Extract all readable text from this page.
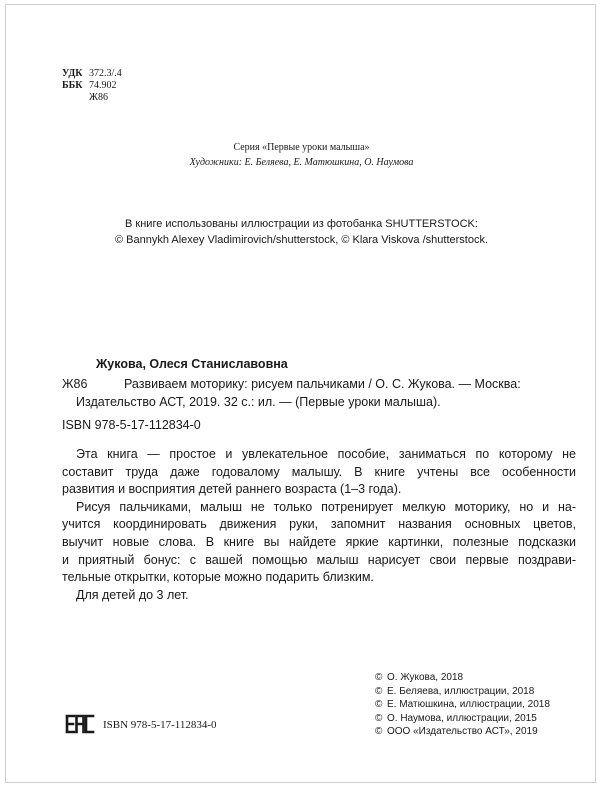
УДК 372.3/.4
ББК 74.902
Ж86
Серия «Первые уроки малыша»
Художники: Е. Беляева, Е. Матюшкина, О. Наумова
В книге использованы иллюстрации из фотобанка SHUTTERSTOCK:
© Bannykh Alexey Vladimirovich/shutterstock, © Klara Viskova /shutterstock.
Жукова, Олеся Станиславовна
Ж86	Развиваем моторику: рисуем пальчиками / О. С. Жукова. — Москва:
Издательство АСТ, 2019. 32 с.: ил. — (Первые уроки малыша).
ISBN 978-5-17-112834-0

Эта книга — простое и увлекательное пособие, заниматься по которому не
составит труда даже годовалому малышу. В книге учтены все особенности
развития и восприятия детей раннего возраста (1–3 года).

Рисуя пальчиками, малыш не только потренирует мелкую моторику, но и на-
учится координировать движения руки, запомнит названия основных цветов,
выучит новые слова. В книге вы найдете яркие картинки, полезные подсказки
и приятный бонус: с вашей помощью малыш нарисует свои первые поздрави-
тельные открытки, которые можно подарить близким.

Для детей до 3 лет.

© О. Жукова, 2018
© Е. Беляева, иллюстрации, 2018
© Е. Матюшкина, иллюстрации, 2018
© О. Наумова, иллюстрации, 2015
© ООО «Издательство АСТ», 2019
ISBN 978-5-17-112834-0
